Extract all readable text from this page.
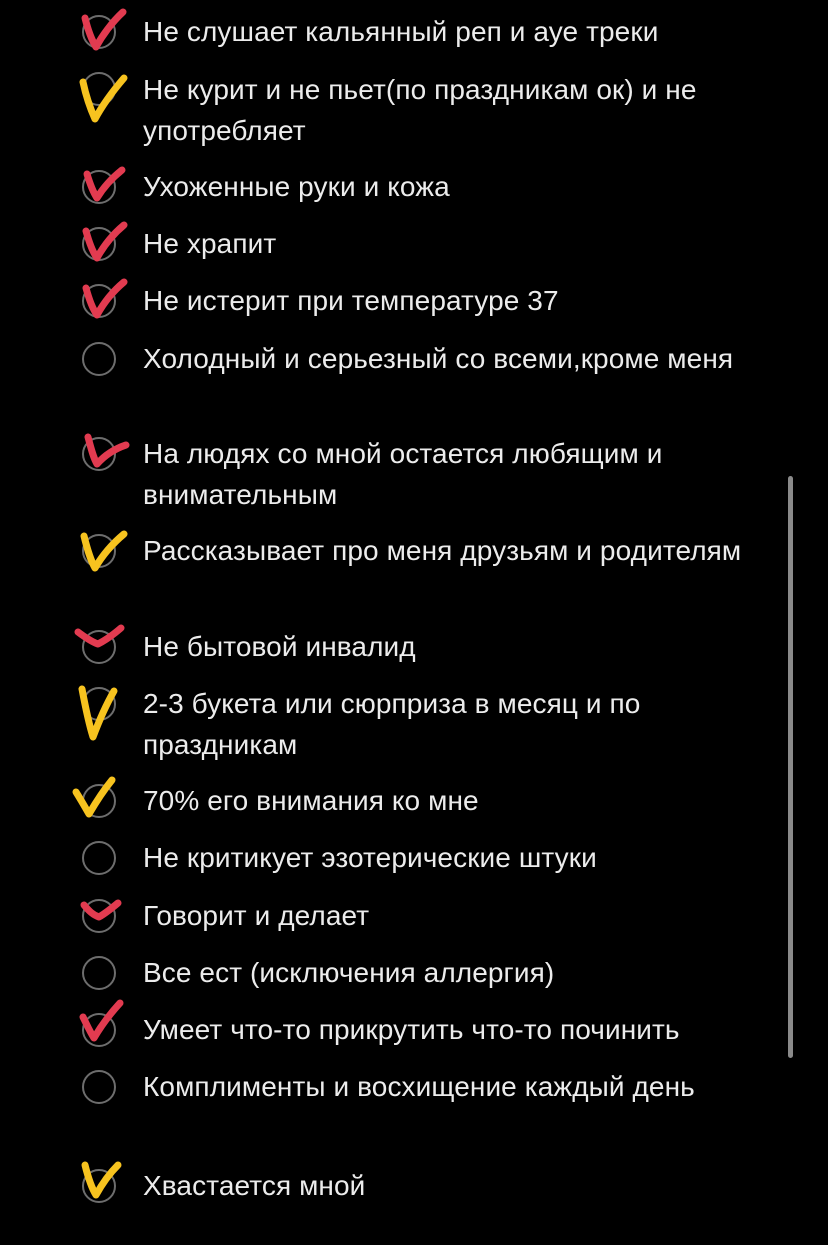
Не слушает кальянный реп и ауе треки
Не курит и не пьет(по праздникам ок) и не употребляет
Ухоженные руки и кожа
Не храпит
Не истерит при температуре 37
Холодный и серьезный со всеми,кроме меня
На людях со мной остается любящим и внимательным
Рассказывает про меня друзьям и родителям
Не бытовой инвалид
2-3 букета или сюрприза в месяц и по праздникам
70% его внимания ко мне
Не критикует эзотерические штуки
Говорит и делает
Все ест (исключения аллергия)
Умеет что-то прикрутить что-то починить
Комплименты и восхищение каждый день
Хвастается мной
